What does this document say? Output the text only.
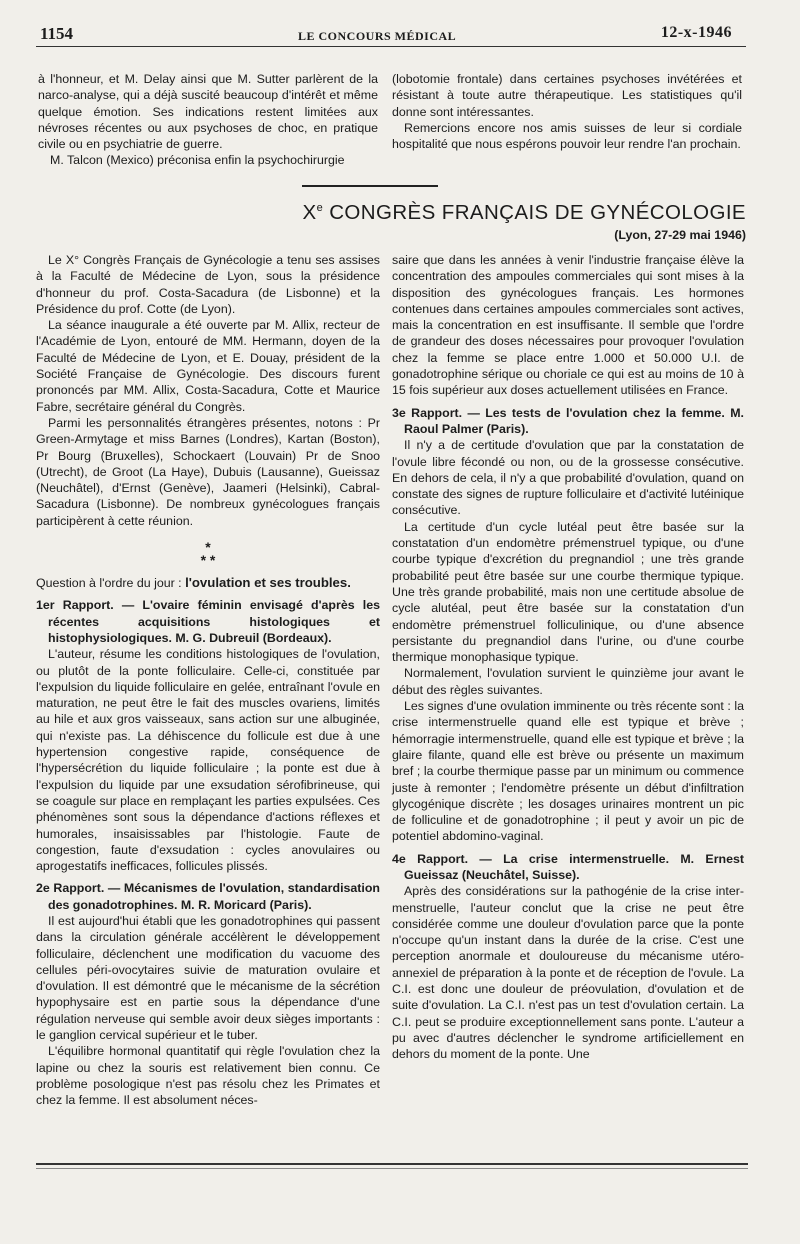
1154	LE CONCOURS MÉDICAL	12-x-1946

à l'honneur, et M. Delay ainsi que M. Sutter parlèrent de la narco-analyse, qui a déjà suscité beaucoup d'intérêt et même quelque émotion. Ses indications restent limitées aux névroses récentes ou aux psychoses de choc, en pratique civile ou en psychiatrie de guerre.

M. Talcon (Mexico) préconisa enfin la psychochirurgie

(lobotomie frontale) dans certaines psychoses invétérées et résistant à toute autre thérapeutique. Les statistiques qu'il donne sont intéressantes.

Remercions encore nos amis suisses de leur si cordiale hospitalité que nous espérons pouvoir leur rendre l'an prochain.

Xe CONGRÈS FRANÇAIS DE GYNÉCOLOGIE
(Lyon, 27-29 mai 1946)

Le X° Congrès Français de Gynécologie a tenu ses assises à la Faculté de Médecine de Lyon, sous la présidence d'honneur du prof. Costa-Sacadura (de Lisbonne) et la Présidence du prof. Cotte (de Lyon).

La séance inaugurale a été ouverte par M. Allix, recteur de l'Académie de Lyon, entouré de MM. Hermann, doyen de la Faculté de Médecine de Lyon, et E. Douay, président de la Société Française de Gynécologie. Des discours furent prononcés par MM. Allix, Costa-Sacadura, Cotte et Maurice Fabre, secrétaire général du Congrès.

Parmi les personnalités étrangères présentes, notons : Pr Green-Armytage et miss Barnes (Londres), Kartan (Boston), Pr Bourg (Bruxelles), Schockaert (Louvain) Pr de Snoo (Utrecht), de Groot (La Haye), Dubuis (Lausanne), Gueissaz (Neuchâtel), d'Ernst (Genève), Jaameri (Helsinki), Cabral-Sacadura (Lisbonne). De nombreux gynécologues français participèrent à cette réunion.

*
* *

Question à l'ordre du jour : l'ovulation et ses troubles.

1er Rapport. — L'ovaire féminin envisagé d'après les récentes acquisitions histologiques et histophysiologiques. M. G. Dubreuil (Bordeaux).

L'auteur, résume les conditions histologiques de l'ovulation, ou plutôt de la ponte folliculaire. Celle-ci, constituée par l'expulsion du liquide folliculaire en gelée, entraînant l'ovule en maturation, ne peut être le fait des muscles ovariens, limités au hile et aux gros vaisseaux, sans action sur une albuginée, qui n'existe pas. La déhiscence du follicule est due à une hypertension congestive rapide, conséquence de l'hypersécrétion du liquide folliculaire ; la ponte est due à l'expulsion du liquide par une exsudation sérofibrineuse, qui se coagule sur place en remplaçant les parties expulsées. Ces phénomènes sont sous la dépendance d'actions réflexes et humorales, insaisissables par l'histologie. Faute de congestion, faute d'exsudation : cycles anovulaires ou aprogestatifs inefficaces, follicules plissés.

2e Rapport. — Mécanismes de l'ovulation, standardisation des gonadotrophines. M. R. Moricard (Paris).

Il est aujourd'hui établi que les gonadotrophines qui passent dans la circulation générale accélèrent le développement folliculaire, déclenchent une modification du vacuome des cellules péri-ovocytaires suivie de maturation ovulaire et d'ovulation. Il est démontré que le mécanisme de la sécrétion hypophysaire est en partie sous la dépendance d'une régulation nerveuse qui semble avoir deux sièges importants : le ganglion cervical supérieur et le tuber.

L'équilibre hormonal quantitatif qui règle l'ovulation chez la lapine ou chez la souris est relativement bien connu. Ce problème posologique n'est pas résolu chez les Primates et chez la femme. Il est absolument néces-

saire que dans les années à venir l'industrie française élève la concentration des ampoules commerciales qui sont mises à la disposition des gynécologues français. Les hormones contenues dans certaines ampoules commerciales sont actives, mais la concentration en est insuffisante. Il semble que l'ordre de grandeur des doses nécessaires pour provoquer l'ovulation chez la femme se place entre 1.000 et 50.000 U.I. de gonadotrophine sérique ou choriale ce qui est au moins de 10 à 15 fois supérieur aux doses actuellement utilisées en France.

3e Rapport. — Les tests de l'ovulation chez la femme. M. Raoul Palmer (Paris).

Il n'y a de certitude d'ovulation que par la constatation de l'ovule libre fécondé ou non, ou de la grossesse consécutive. En dehors de cela, il n'y a que probabilité d'ovulation, quand on constate des signes de rupture folliculaire et d'activité lutéinique consécutive.

La certitude d'un cycle lutéal peut être basée sur la constatation d'un endomètre prémenstruel typique, ou d'une courbe typique d'excrétion du pregnandiol ; une très grande probabilité peut être basée sur une courbe thermique typique. Une très grande probabilité, mais non une certitude absolue de cycle alutéal, peut être basée sur la constatation d'un endomètre prémenstruel folliculinique, ou d'une absence persistante du pregnandiol dans l'urine, ou d'une courbe thermique monophasique typique.

Normalement, l'ovulation survient le quinzième jour avant le début des règles suivantes.

Les signes d'une ovulation imminente ou très récente sont : la crise intermenstruelle quand elle est typique et brève ; hémorragie intermenstruelle, quand elle est typique et brève ; la glaire filante, quand elle est brève ou présente un maximum bref ; la courbe thermique passe par un minimum ou commence juste à remonter ; l'endomètre présente un début d'infiltration glycogénique discrète ; les dosages urinaires montrent un pic de folliculine et de gonadotrophine ; il peut y avoir un pic de potentiel abdomino-vaginal.

4e Rapport. — La crise intermenstruelle. M. Ernest Gueissaz (Neuchâtel, Suisse).

Après des considérations sur la pathogénie de la crise inter-menstruelle, l'auteur conclut que la crise ne peut être considérée comme une douleur d'ovulation parce que la ponte n'occupe qu'un instant dans la durée de la crise. C'est une perception anormale et douloureuse du mécanisme utéro-annexiel de préparation à la ponte et de réception de l'ovule. La C.I. est donc une douleur de préovulation, d'ovulation et de suite d'ovulation. La C.I. n'est pas un test d'ovulation certain. La C.I. peut se produire exceptionnellement sans ponte. L'auteur a pu avec d'autres déclencher le syndrome artificiellement en dehors du moment de la ponte. Une
